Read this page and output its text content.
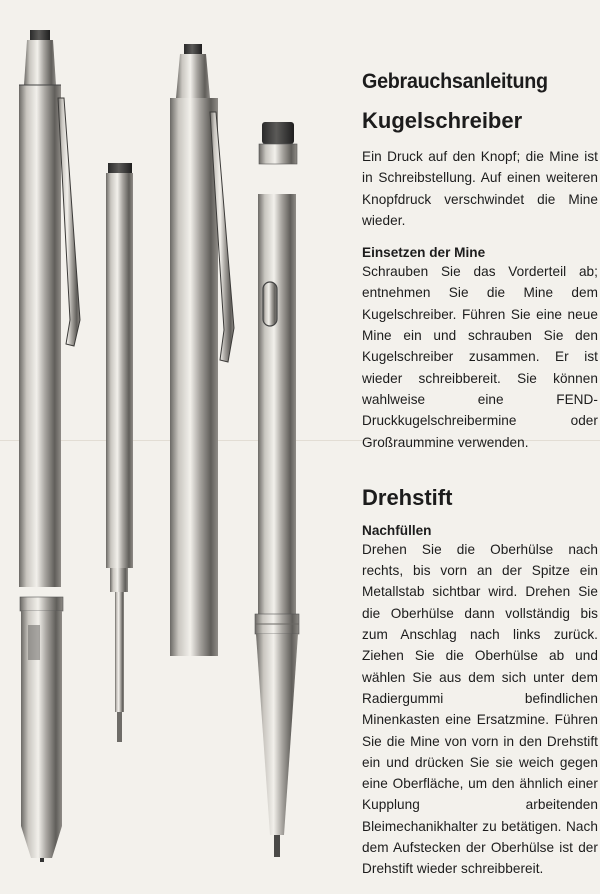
Gebrauchsanleitung
Kugelschreiber

Ein Druck auf den Knopf; die Mine ist in Schreibstellung. Auf einen weiteren Knopfdruck verschwindet die Mine wieder.

Einsetzen der Mine

Schrauben Sie das Vorderteil ab; entnehmen Sie die Mine dem Kugelschreiber. Führen Sie eine neue Mine ein und schrauben Sie den Kugelschreiber zusammen. Er ist wieder schreibbereit. Sie können wahlweise eine FEND-Druckkugelschreibermine oder Großraummine verwenden.

Drehstift
Nachfüllen

Drehen Sie die Oberhülse nach rechts, bis vorn an der Spitze ein Metallstab sichtbar wird. Drehen Sie die Oberhülse dann vollständig bis zum Anschlag nach links zurück. Ziehen Sie die Oberhülse ab und wählen Sie aus dem sich unter dem Radiergummi befindlichen Minenkasten eine Ersatzmine. Führen Sie die Mine von vorn in den Drehstift ein und drücken Sie sie weich gegen eine Oberfläche, um den ähnlich einer Kupplung arbeitenden Bleimechanikhalter zu betätigen. Nach dem Aufstecken der Oberhülse ist der Drehstift wieder schreibbereit.
